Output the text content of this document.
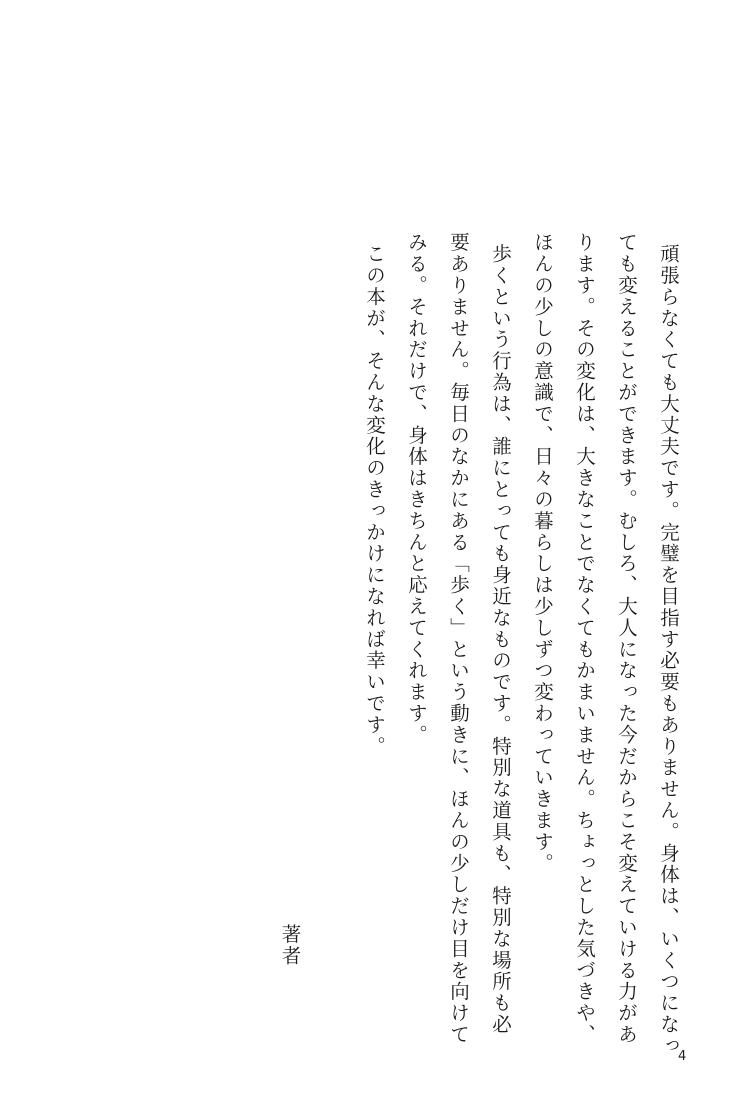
　頑張らなくても大丈夫です。完璧を目指す必要もありません。身体は、いくつになっ
ても変えることができます。むしろ、大人になった今だからこそ変えていける力があ
ります。その変化は、大きなことでなくてもかまいません。ちょっとした気づきや、
ほんの少しの意識で、日々の暮らしは少しずつ変わっていきます。
　歩くという行為は、誰にとっても身近なものです。特別な道具も、特別な場所も必
要ありません。毎日のなかにある「歩く」という動きに、ほんの少しだけ目を向けて
みる。それだけで、身体はきちんと応えてくれます。
　この本が、そんな変化のきっかけになれば幸いです。
著者
4
